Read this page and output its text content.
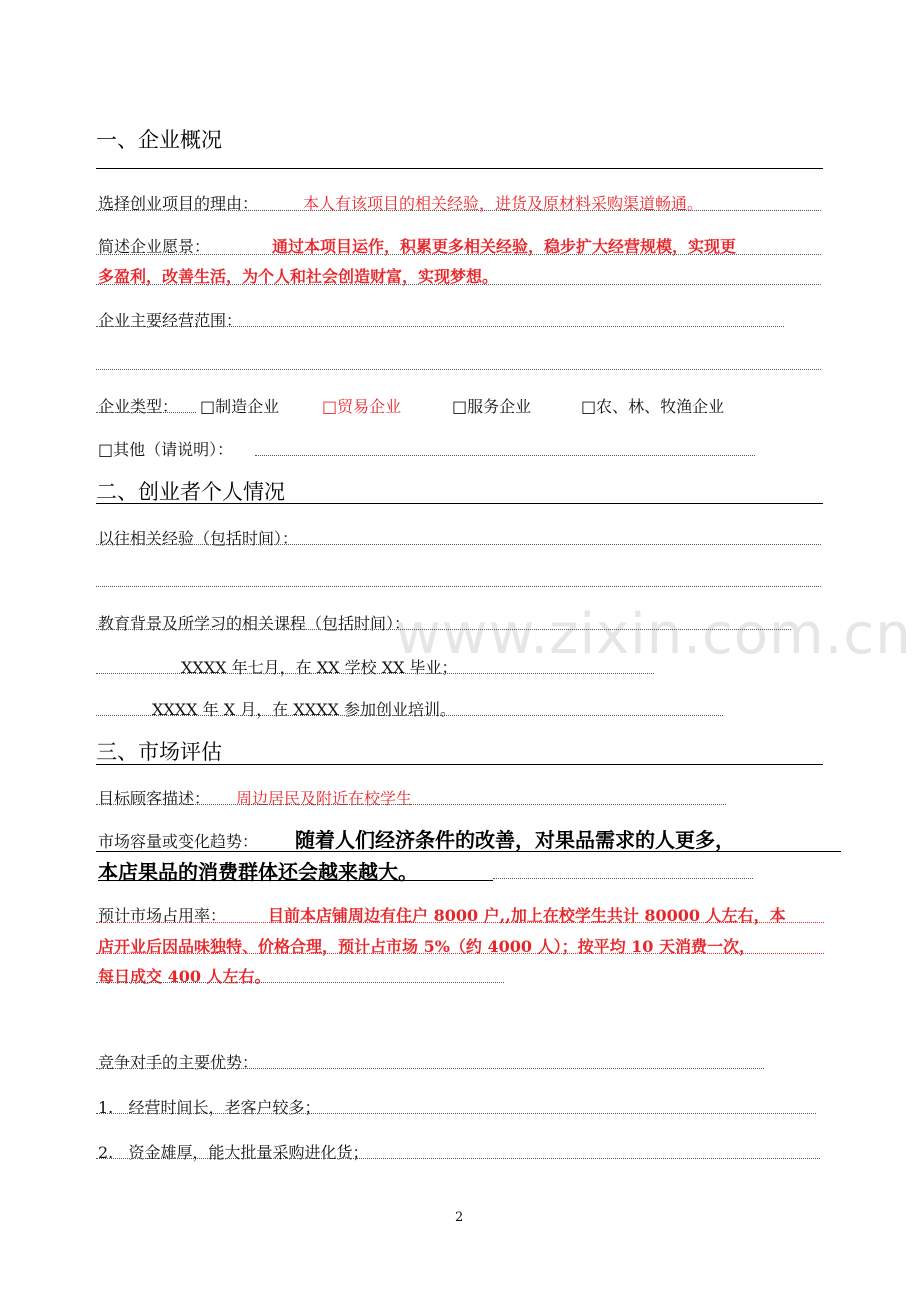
www.zixin.com.cn
一、企业概况
选择创业项目的理由：	本人有该项目的相关经验，进货及原材料采购渠道畅通。
简述企业愿景：	通过本项目运作，积累更多相关经验，稳步扩大经营规模，实现更
多盈利，改善生活，为个人和社会创造财富，实现梦想。
企业主要经营范围：
企业类型： □制造企业	□贸易企业	□服务企业	□农、林、牧渔企业
□其他（请说明）：
二、创业者个人情况
以往相关经验（包括时间）：
教育背景及所学习的相关课程（包括时间）：
XXXX 年七月，在 XX 学校 XX 毕业；
XXXX 年 X 月，在 XXXX 参加创业培训。
三、市场评估
目标顾客描述： 周边居民及附近在校学生
市场容量或变化趋势： 随着人们经济条件的改善，对果品需求的人更多，
本店果品的消费群体还会越来越大。
预计市场占用率：	目前本店铺周边有住户 8000 户,,加上在校学生共计 80000 人左右，本
店开业后因品味独特、价格合理，预计占市场 5%（约 4000 人）；按平均 10 天消费一次，
每日成交 400 人左右。
竞争对手的主要优势：
1.   经营时间长，老客户较多；
2.   资金雄厚，能大批量采购进化货；
2
